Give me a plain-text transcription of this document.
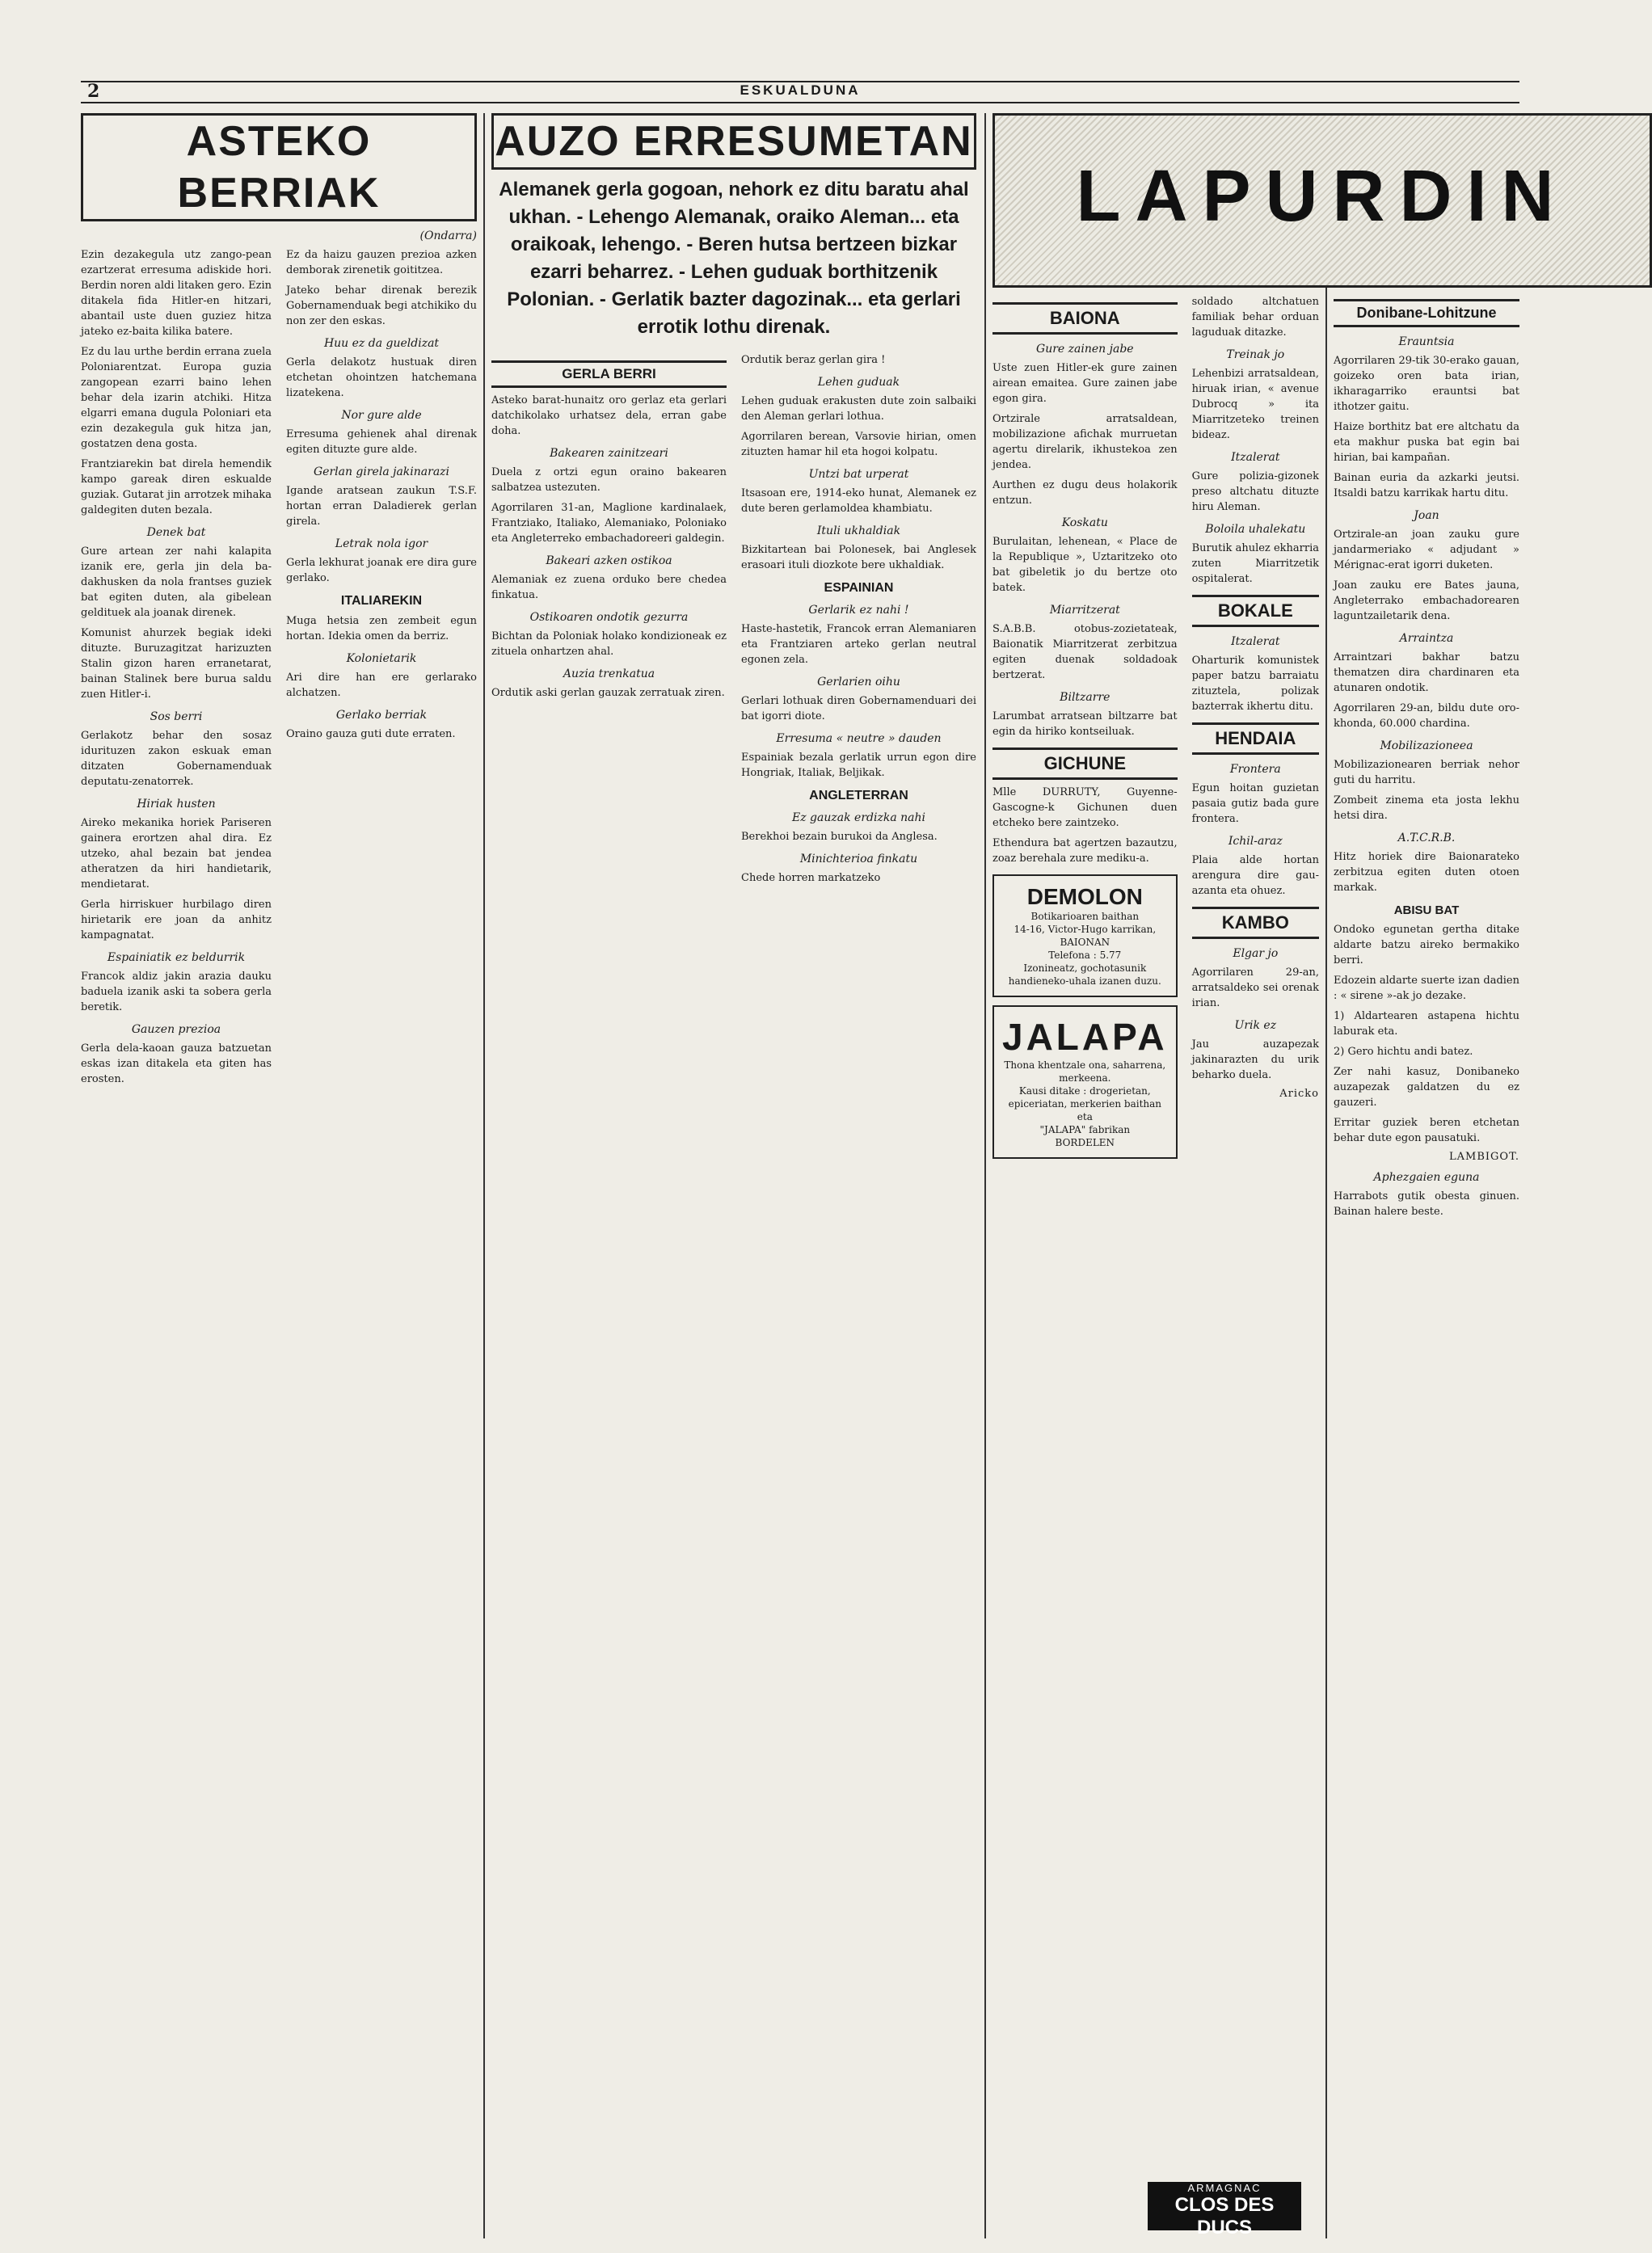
2	ESKUALDUNA
ASTEKO BERRIAK
(Ondarra)

Ezin dezakegula utz zango-pean ezartzerat erresuma adiskide hori. Berdin noren aldi litaken gero. Ezin ditakela fida Hitler-en hitzari, abantail uste duen guziez hitza jateko ez-baita kilika batere.

Ez du lau urthe berdin errana zuela Poloniarentzat. Europa guzia zangopean ezarri baino lehen behar dela izarin atchiki. Hitza elgarri emana dugula Poloniari eta ezin dezakegula guk hitza jan, gostatzen dena gosta.

Frantziarekin bat direla hemendik kampo gareak diren eskualde guziak. Gutarat jin arrotzek mihaka galdegiten duten bezala.

Denek bat

Gure artean zer nahi kalapita izanik ere, gerla jin dela ba-dakhusken da nola frantses guziek bat egiten duten, ala gibelean geldituek ala joanak direnek.

Komunist ahurzek begiak ideki dituzte. Buruzagitzat harizuzten Stalin gizon haren erranetarat, bainan Stalinek bere burua saldu zuen Hitler-i.

Sos berri

Gerlakotz behar den sosaz idurituzen zakon eskuak eman ditzaten Gobernamenduak deputatu-zenatorrek.

Hiriak husten

Aireko mekanika horiek Pariseren gainera erortzen ahal dira. Ez utzeko, ahal bezain bat jendea atheratzen da hiri handietarik, mendietarat.

Gerla hirriskuer hurbilago diren hirietarik ere joan da anhitz kampagnatat.

Espainiatik ez beldurrik

Francok aldiz jakin arazia dauku baduela izanik aski ta sobera gerla beretik.

Gauzen prezioa

Gerla dela-kaoan gauza batzuetan eskas izan ditakela eta giten has erosten.

Ez da haizu gauzen prezioa azken demborak zirenetik goititzea.

Jateko behar direnak berezik Gobernamenduak begi atchikiko du non zer den eskas.

Huu ez da gueldizat

Gerla delakotz hustuak diren etchetan ohointzen hatchemana lizatekena.

Nor gure alde

Erresuma gehienek ahal direnak egiten dituzte gure alde.

Gerlan girela jakinarazi

Igande aratsean zaukun T.S.F. hortan erran Daladierek gerlan girela.

Letrak nola igor

Gerla lekhurat joanak ere dira gure gerlako.

ITALIAREKIN

Muga hetsia zen zembeit egun hortan. Idekia omen da berriz.

Kolonietarik

Ari dire han ere gerlarako alchatzen.

Gerlako berriak

Oraino gauza guti dute erraten.

AUZO ERRESUMETAN
Alemanek gerla gogoan, nehork ez ditu baratu ahal ukhan. - Lehengo Alemanak, oraiko Aleman... eta oraikoak, lehengo. - Beren hutsa bertzeen bizkar ezarri beharrez. - Lehen guduak borthitzenik Polonian. - Gerlatik bazter dagozinak... eta gerlari errotik lothu direnak.
GERLA BERRI

Asteko barat-hunaitz oro gerlaz eta gerlari datchikolako urhatsez dela, erran gabe doha.

Bakearen zainitzeari

Duela z ortzi egun oraino bakearen salbatzea ustezuten.

Agorrilaren 31-an, Maglione kardinalaek, Frantziako, Italiako, Alemaniako, Poloniako eta Angleterreko embachadoreeri galdegin.

Bakeari azken ostikoa

Alemaniak ez zuena orduko bere chedea finkatua.

Ostikoaren ondotik gezurra

Bichtan da Poloniak holako kondizioneak ez zituela onhartzen ahal.

Auzia trenkatua

Ordutik aski gerlan gauzak zerratuak ziren.

Ordutik beraz gerlan gira !

Lehen guduak

Lehen guduak erakusten dute zoin salbaiki den Aleman gerlari lothua.

Agorrilaren berean, Varsovie hirian, omen zituzten hamar hil eta hogoi kolpatu.

Untzi bat urperat

Itsasoan ere, 1914-eko hunat, Alemanek ez dute beren gerlamoldea khambiatu.

Ituli ukhaldiak

Bizkitartean bai Polonesek, bai Anglesek erasoari ituli diozkote bere ukhaldiak.

ESPAINIAN
Gerlarik ez nahi !

Haste-hastetik, Francok erran Alemaniaren eta Frantziaren arteko gerlan neutral egonen zela.

Gerlarien oihu

Gerlari lothuak diren Gobernamenduari dei bat igorri diote.

Erresuma « neutre » dauden

Espainiak bezala gerlatik urrun egon dire Hongriak, Italiak, Beljikak.

ANGLETERRAN
Ez gauzak erdizka nahi

Berekhoi bezain burukoi da Anglesa.

Minichterioa finkatu

Chede horren markatzeko

LAPURDIN
BAIONA
Gure zainen jabe

Uste zuen Hitler-ek gure zainen airean emaitea. Gure zainen jabe egon gira.

Ortzirale arratsaldean, mobilizazione afichak murruetan agertu direlarik, ikhustekoa zen jendea.

Aurthen ez dugu deus holakorik entzun.

Koskatu

Burulaitan, lehenean, « Place de la Republique », Uztaritzeko oto bat gibeletik jo du bertze oto batek.

Miarritzerat

S.A.B.B. otobus-zozietateak, Baionatik Miarritzerat zerbitzua egiten duenak soldadoak bertzerat.

Biltzarre

Larumbat arratsean biltzarre bat egin da hiriko kontseiluak.

GICHUNE

Mlle DURRUTY, Guyenne-Gascogne-k Gichunen duen etcheko bere zaintzeko.

Ethendura bat agertzen bazautzu, zoaz berehala zure mediku-a.

DEMOLON
Botikarioaren baithan
14-16, Victor-Hugo karrikan,
BAIONAN
Telefona : 5.77
Izonineatz, gochotasunik handieneko-uhala izanen duzu.
JALAPA
Thona khentzale ona, saharrena, merkeena.
Kausi ditake : drogerietan, epiceriatan, merkerien baithan eta
"JALAPA" fabrikan
BORDELEN

soldado altchatuen familiak behar orduan laguduak ditazke.

Treinak jo

Lehenbizi arratsaldean, hiruak irian, « avenue Dubrocq » ita Miarritzeteko treinen bideaz.

Itzalerat

Gure polizia-gizonek preso altchatu dituzte hiru Aleman.

Boloila uhalekatu

Burutik ahulez ekharria zuten Miarritzetik ospitalerat.

BOKALE
Itzalerat

Oharturik komunistek paper batzu barraiatu zituztela, polizak bazterrak ikhertu ditu.

HENDAIA
Frontera

Egun hoitan guzietan pasaia gutiz bada gure frontera.

Ichil-araz

Plaia alde hortan arengura dire gau-azanta eta ohuez.

KAMBO
Elgar jo

Agorrilaren 29-an, arratsaldeko sei orenak irian.

Urik ez

Jau auzapezak jakinarazten du urik beharko duela.

Aricko
Donibane-Lohitzune
Erauntsia

Agorrilaren 29-tik 30-erako gauan, goizeko oren bata irian, ikharagarriko erauntsi bat ithotzer gaitu.

Haize borthitz bat ere altchatu da eta makhur puska bat egin bai hirian, bai kampañan.

Bainan euria da azkarki jeutsi. Itsaldi batzu karrikak hartu ditu.

Joan

Ortzirale-an joan zauku gure jandarmeriako « adjudant » Mérignac-erat igorri duketen.

Joan zauku ere Bates jauna, Angleterrako embachadorearen laguntzailetarik dena.

Arraintza

Arraintzari bakhar batzu thematzen dira chardinaren eta atunaren ondotik.

Agorrilaren 29-an, bildu dute oro-khonda, 60.000 chardina.

Mobilizazioneea

Mobilizazionearen berriak nehor guti du harritu.

Zombeit zinema eta josta lekhu hetsi dira.

A.T.C.R.B.

Hitz horiek dire Baionarateko zerbitzua egiten duten otoen markak.

ABISU BAT

Ondoko egunetan gertha ditake aldarte batzu aireko bermakiko berri.

Edozein aldarte suerte izan dadien : « sirene »-ak jo dezake.

1) Aldartearen astapena hichtu laburak eta.

2) Gero hichtu andi batez.

Zer nahi kasuz, Donibaneko auzapezak galdatzen du ez gauzeri.

Erritar guziek beren etchetan behar dute egon pausatuki.

LAMBIGOT.
Aphezgaien eguna

Harrabots gutik obesta ginuen. Bainan halere beste.

ARMAGNAC
CLOS DES DUCS
